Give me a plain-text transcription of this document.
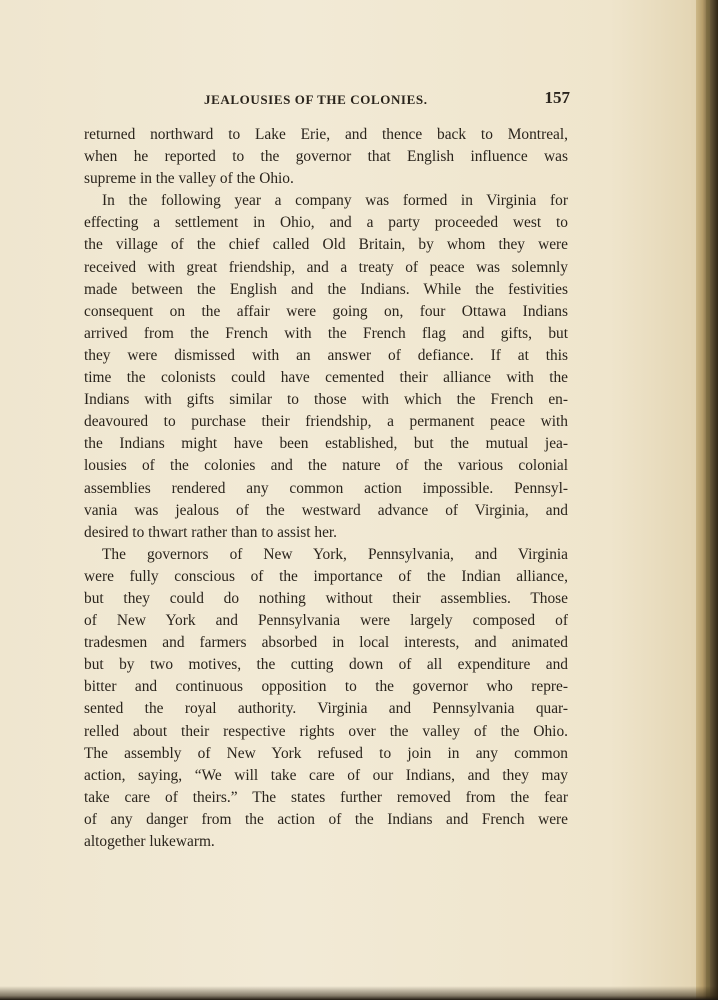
JEALOUSIES OF THE COLONIES.	157
returned northward to Lake Erie, and thence back to Montreal,
when he reported to the governor that English influence was
supreme in the valley of the Ohio.
In the following year a company was formed in Virginia for
effecting a settlement in Ohio, and a party proceeded west to
the village of the chief called Old Britain, by whom they were
received with great friendship, and a treaty of peace was solemnly
made between the English and the Indians. While the festivities
consequent on the affair were going on, four Ottawa Indians
arrived from the French with the French flag and gifts, but
they were dismissed with an answer of defiance. If at this
time the colonists could have cemented their alliance with the
Indians with gifts similar to those with which the French en-
deavoured to purchase their friendship, a permanent peace with
the Indians might have been established, but the mutual jea-
lousies of the colonies and the nature of the various colonial
assemblies rendered any common action impossible. Pennsyl-
vania was jealous of the westward advance of Virginia, and
desired to thwart rather than to assist her.
The governors of New York, Pennsylvania, and Virginia
were fully conscious of the importance of the Indian alliance,
but they could do nothing without their assemblies. Those
of New York and Pennsylvania were largely composed of
tradesmen and farmers absorbed in local interests, and animated
but by two motives, the cutting down of all expenditure and
bitter and continuous opposition to the governor who repre-
sented the royal authority. Virginia and Pennsylvania quar-
relled about their respective rights over the valley of the Ohio.
The assembly of New York refused to join in any common
action, saying, “We will take care of our Indians, and they may
take care of theirs.” The states further removed from the fear
of any danger from the action of the Indians and French were
altogether lukewarm.
